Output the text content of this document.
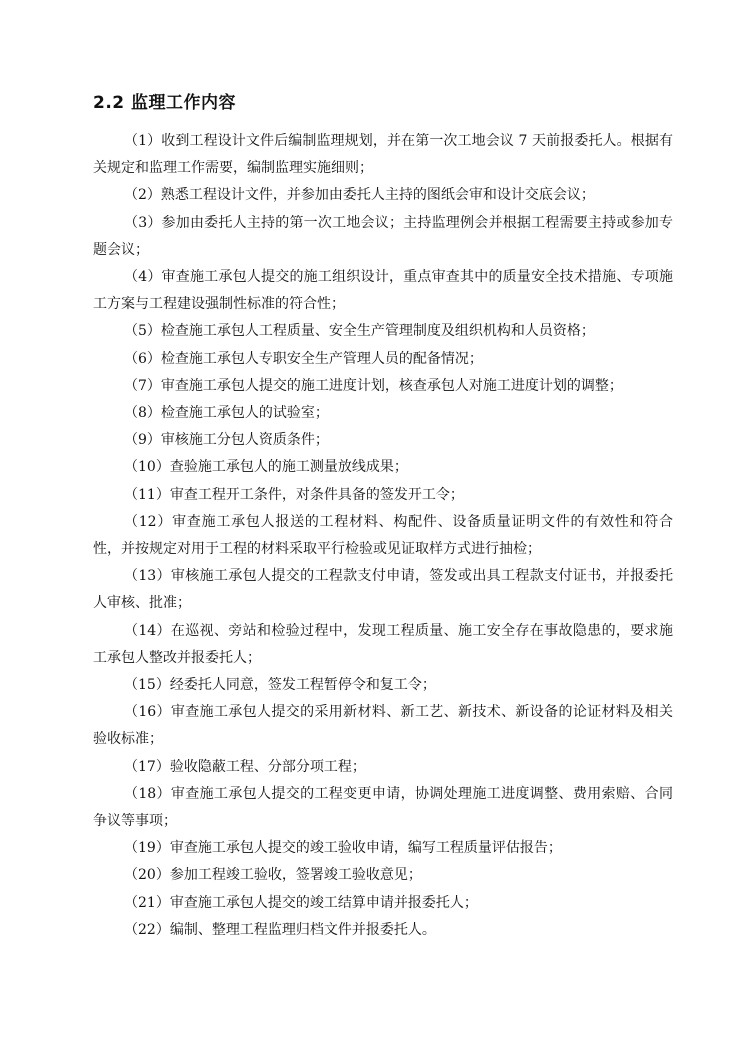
2.2 监理工作内容
（1）收到工程设计文件后编制监理规划，并在第一次工地会议 7 天前报委托人。根据有关规定和监理工作需要，编制监理实施细则；
（2）熟悉工程设计文件，并参加由委托人主持的图纸会审和设计交底会议；
（3）参加由委托人主持的第一次工地会议；主持监理例会并根据工程需要主持或参加专题会议；
（4）审查施工承包人提交的施工组织设计，重点审查其中的质量安全技术措施、专项施工方案与工程建设强制性标准的符合性；
（5）检查施工承包人工程质量、安全生产管理制度及组织机构和人员资格；
（6）检查施工承包人专职安全生产管理人员的配备情况；
（7）审查施工承包人提交的施工进度计划，核查承包人对施工进度计划的调整；
（8）检查施工承包人的试验室；
（9）审核施工分包人资质条件；
（10）查验施工承包人的施工测量放线成果；
（11）审查工程开工条件，对条件具备的签发开工令；
（12）审查施工承包人报送的工程材料、构配件、设备质量证明文件的有效性和符合性，并按规定对用于工程的材料采取平行检验或见证取样方式进行抽检；
（13）审核施工承包人提交的工程款支付申请，签发或出具工程款支付证书，并报委托人审核、批准；
（14）在巡视、旁站和检验过程中，发现工程质量、施工安全存在事故隐患的，要求施工承包人整改并报委托人；
（15）经委托人同意，签发工程暂停令和复工令；
（16）审查施工承包人提交的采用新材料、新工艺、新技术、新设备的论证材料及相关验收标准；
（17）验收隐蔽工程、分部分项工程；
（18）审查施工承包人提交的工程变更申请，协调处理施工进度调整、费用索赔、合同争议等事项；
（19）审查施工承包人提交的竣工验收申请，编写工程质量评估报告；
（20）参加工程竣工验收，签署竣工验收意见；
（21）审查施工承包人提交的竣工结算申请并报委托人；
（22）编制、整理工程监理归档文件并报委托人。
